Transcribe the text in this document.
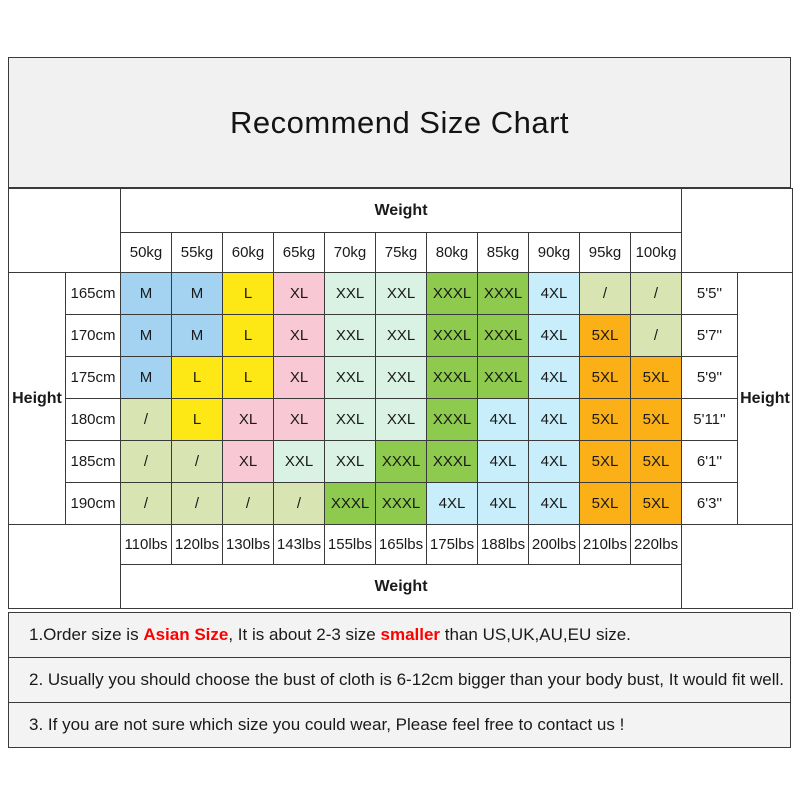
Recommend Size Chart
		Weight												
		50kg	55kg	60kg	65kg	70kg	75kg	80kg	85kg	90kg	95kg	100kg		
Height	165cm	M	M	L	XL	XXL	XXL	XXXL	XXXL	4XL	/	/	5'5''	Height
	170cm	M	M	L	XL	XXL	XXL	XXXL	XXXL	4XL	5XL	/	5'7''	
	175cm	M	L	L	XL	XXL	XXL	XXXL	XXXL	4XL	5XL	5XL	5'9''	
	180cm	/	L	XL	XL	XXL	XXL	XXXL	4XL	4XL	5XL	5XL	5'11''	
	185cm	/	/	XL	XXL	XXL	XXXL	XXXL	4XL	4XL	5XL	5XL	6'1''	
	190cm	/	/	/	/	XXXL	XXXL	4XL	4XL	4XL	5XL	5XL	6'3''	
		110lbs	120lbs	130lbs	143lbs	155lbs	165lbs	175lbs	188lbs	200lbs	210lbs	220lbs		
		Weight												
1.Order size is Asian Size , It is about 2-3 size smaller than US,UK,AU,EU size.
2. Usually you should choose the bust of cloth is 6-12cm bigger than your body bust, It would fit well.
3. If you are not sure which size you could wear, Please feel free to contact us !
